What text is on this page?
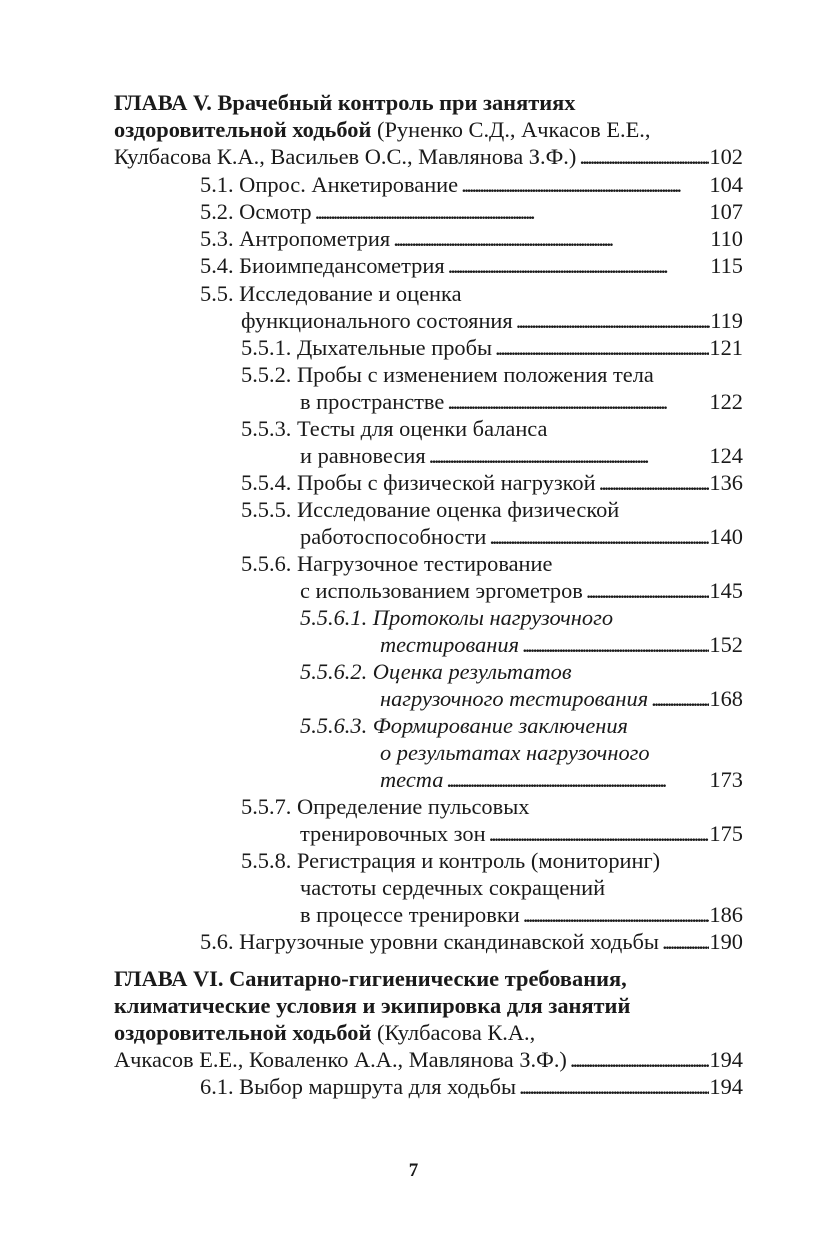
ГЛАВА V. Врачебный контроль при занятиях
оздоровительной ходьбой (Руненко С.Д., Ачкасов Е.Е.,
Кулбасова К.А., Васильев О.С., Мавлянова З.Ф.) . . .	102
5.1. Опрос. Анкетирование . . .	104
5.2. Осмотр . . .	107
5.3. Антропометрия . . .	110
5.4. Биоимпедансометрия . . .	115
5.5. Исследование и оценка
функционального состояния . . .	119
5.5.1. Дыхательные пробы . . .	121
5.5.2. Пробы с изменением положения тела
в пространстве . . .	122
5.5.3. Тесты для оценки баланса
и равновесия . . .	124
5.5.4. Пробы с физической нагрузкой . . .	136
5.5.5. Исследование оценка физической
работоспособности . . .	140
5.5.6. Нагрузочное тестирование
с использованием эргометров . . .	145
5.5.6.1. Протоколы нагрузочного
тестирования . . .	152
5.5.6.2. Оценка результатов
нагрузочного тестирования . . .	168
5.5.6.3. Формирование заключения
о результатах нагрузочного
теста . . .	173
5.5.7. Определение пульсовых
тренировочных зон . . .	175
5.5.8. Регистрация и контроль (мониторинг)
частоты сердечных сокращений
в процессе тренировки . . .	186
5.6. Нагрузочные уровни скандинавской ходьбы . . . 190
ГЛАВА VI. Санитарно-гигиенические требования,
климатические условия и экипировка для занятий
оздоровительной ходьбой (Кулбасова К.А.,
Ачкасов Е.Е., Коваленко А.А., Мавлянова З.Ф.) . . .	194
6.1. Выбор маршрута для ходьбы . . .	194
7
